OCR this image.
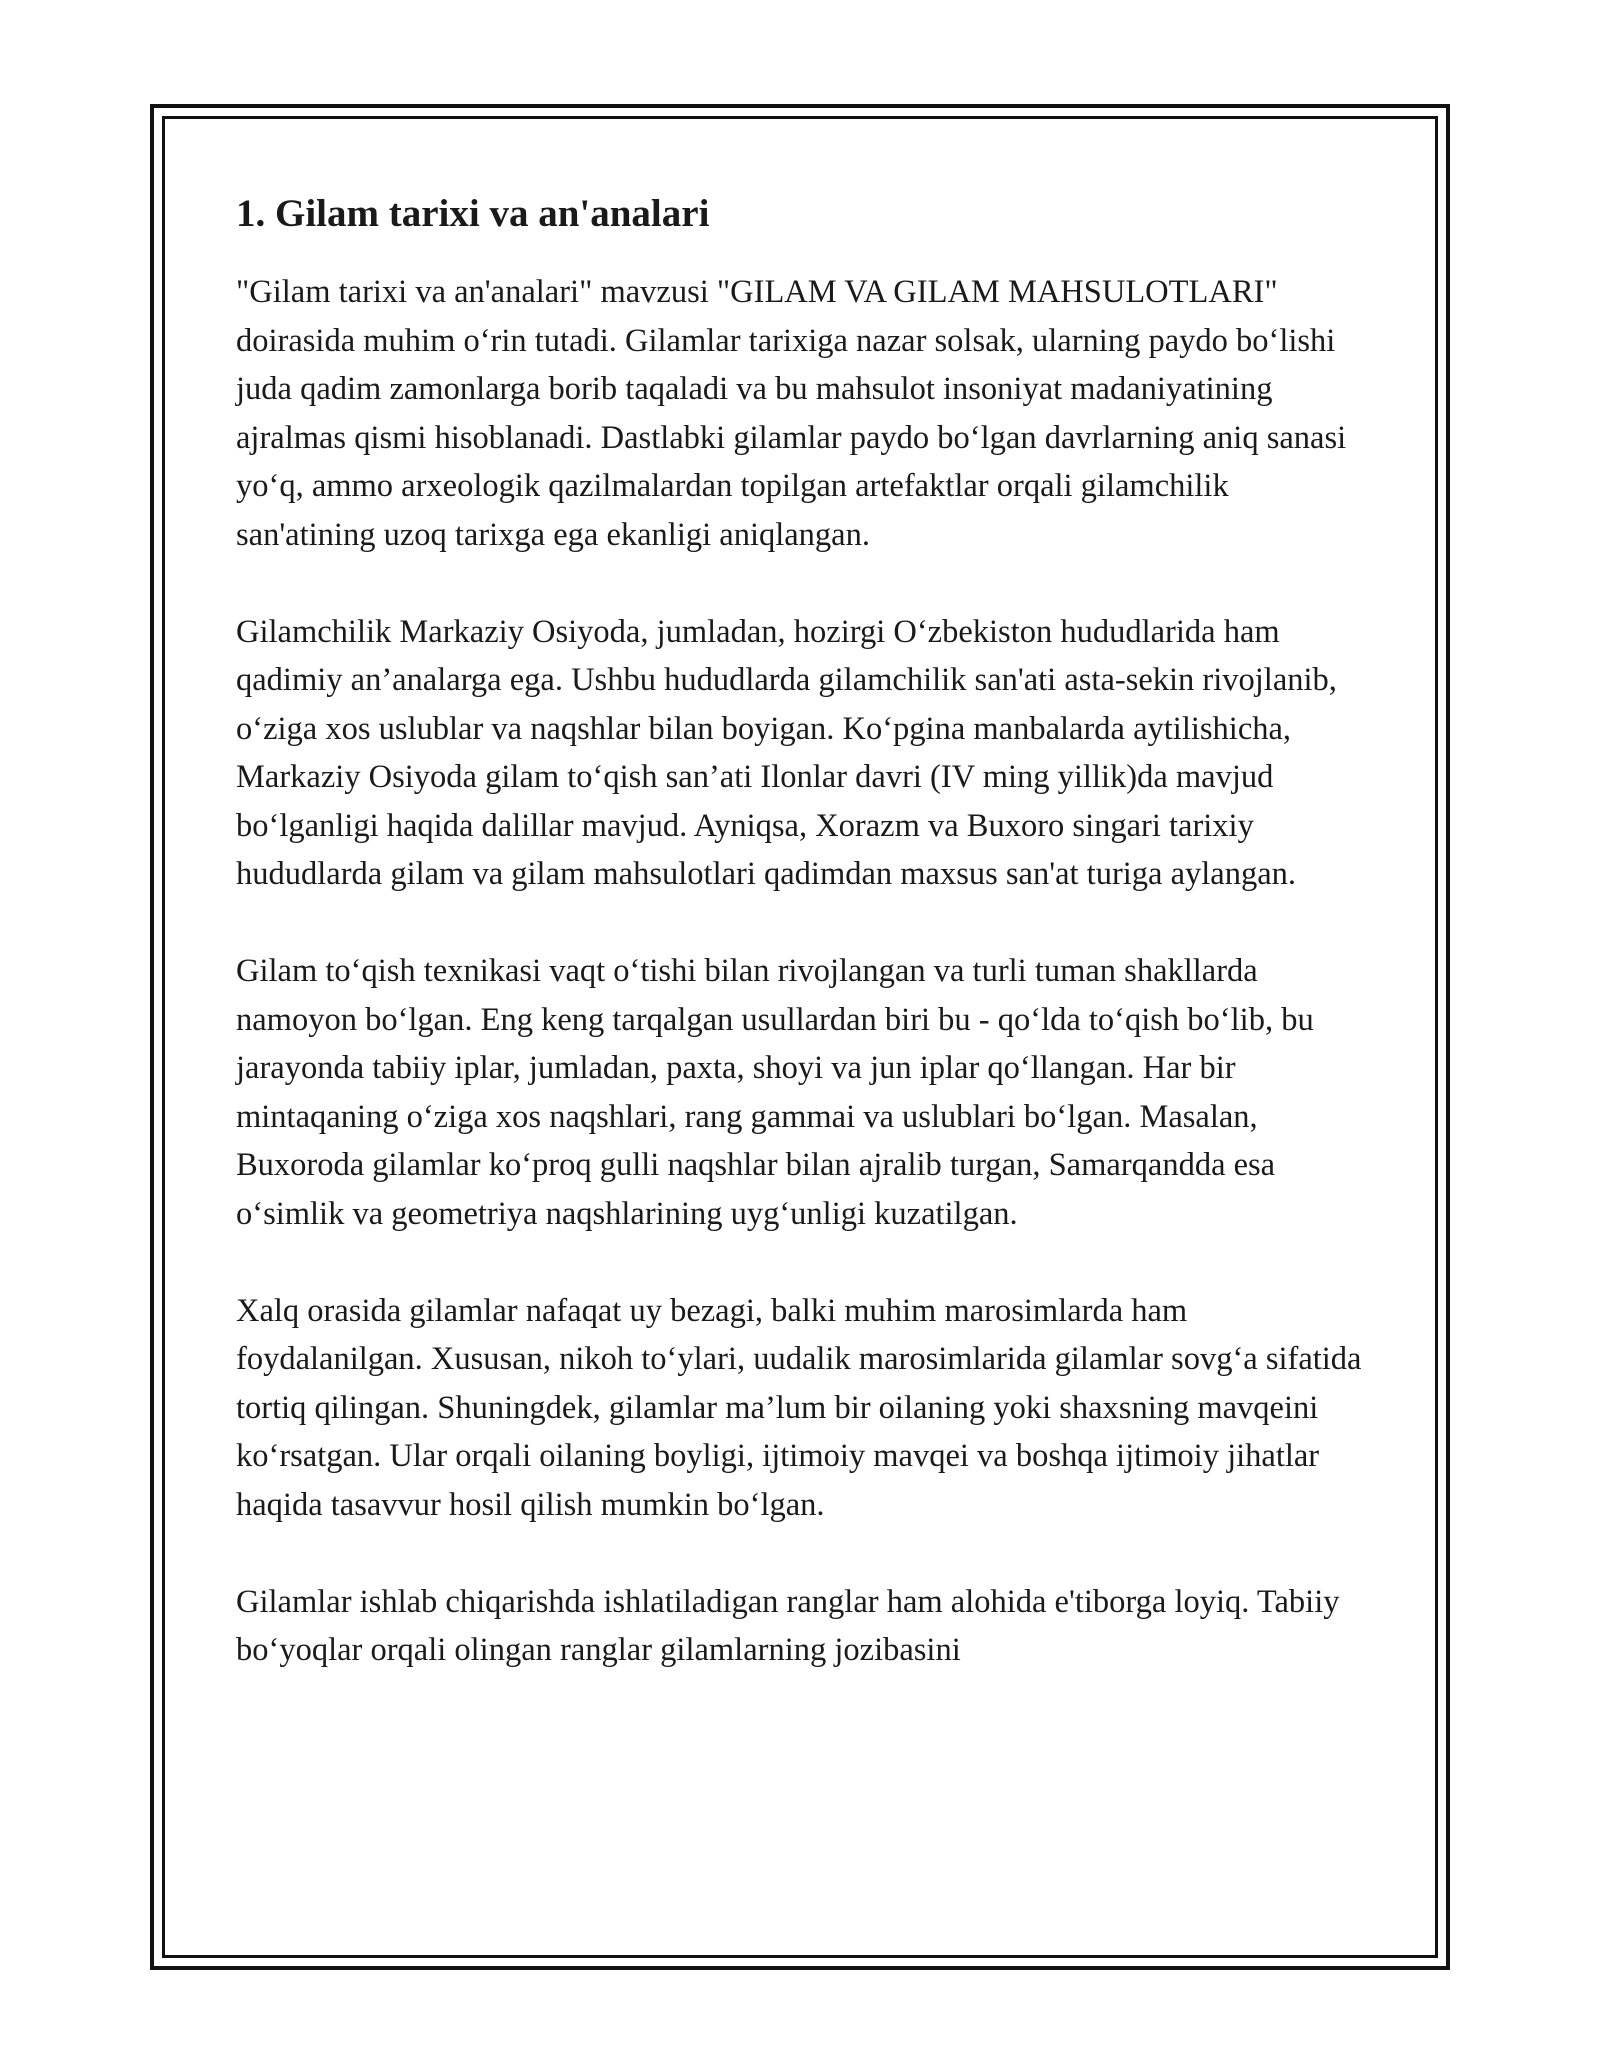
1. Gilam tarixi va an'analari

"Gilam tarixi va an'analari" mavzusi "GILAM VA GILAM MAHSULOTLARI" doirasida muhim o‘rin tutadi. Gilamlar tarixiga nazar solsak, ularning paydo bo‘lishi juda qadim zamonlarga borib taqaladi va bu mahsulot insoniyat madaniyatining ajralmas qismi hisoblanadi. Dastlabki gilamlar paydo bo‘lgan davrlarning aniq sanasi yo‘q, ammo arxeologik qazilmalardan topilgan artefaktlar orqali gilamchilik san'atining uzoq tarixga ega ekanligi aniqlangan.

Gilamchilik Markaziy Osiyoda, jumladan, hozirgi O‘zbekiston hududlarida ham qadimiy an’analarga ega. Ushbu hududlarda gilamchilik san'ati asta-sekin rivojlanib, o‘ziga xos uslublar va naqshlar bilan boyigan. Ko‘pgina manbalarda aytilishicha, Markaziy Osiyoda gilam to‘qish san’ati Ilonlar davri (IV ming yillik)da mavjud bo‘lganligi haqida dalillar mavjud. Ayniqsa, Xorazm va Buxoro singari tarixiy hududlarda gilam va gilam mahsulotlari qadimdan maxsus san'at turiga aylangan.

Gilam to‘qish texnikasi vaqt o‘tishi bilan rivojlangan va turli tuman shakllarda namoyon bo‘lgan. Eng keng tarqalgan usullardan biri bu - qo‘lda to‘qish bo‘lib, bu jarayonda tabiiy iplar, jumladan, paxta, shoyi va jun iplar qo‘llangan. Har bir mintaqaning o‘ziga xos naqshlari, rang gammai va uslublari bo‘lgan. Masalan, Buxoroda gilamlar ko‘proq gulli naqshlar bilan ajralib turgan, Samarqandda esa o‘simlik va geometriya naqshlarining uyg‘unligi kuzatilgan.

Xalq orasida gilamlar nafaqat uy bezagi, balki muhim marosimlarda ham foydalanilgan. Xususan, nikoh to‘ylari, uudalik marosimlarida gilamlar sovg‘a sifatida tortiq qilingan. Shuningdek, gilamlar ma’lum bir oilaning yoki shaxsning mavqeini ko‘rsatgan. Ular orqali oilaning boyligi, ijtimoiy mavqei va boshqa ijtimoiy jihatlar haqida tasavvur hosil qilish mumkin bo‘lgan.

Gilamlar ishlab chiqarishda ishlatiladigan ranglar ham alohida e'tiborga loyiq. Tabiiy bo‘yoqlar orqali olingan ranglar gilamlarning jozibasini
